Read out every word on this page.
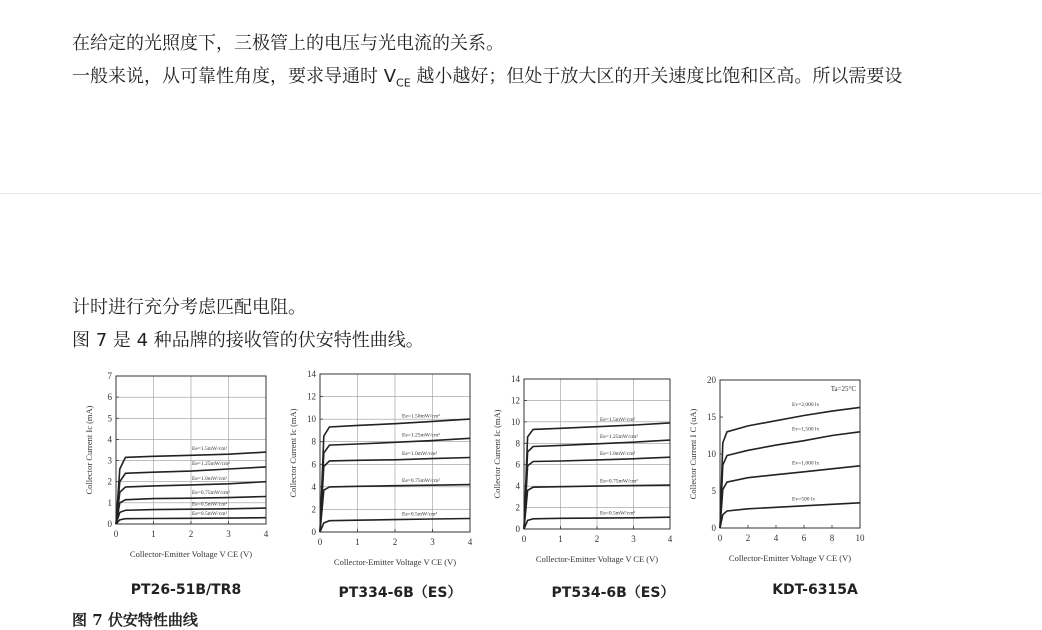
在给定的光照度下，三极管上的电压与光电流的关系。
一般来说，从可靠性角度，要求导通时 $V_{CE}$ 越小越好；但处于放大区的开关速度比饱和区高。所以需要设
计时进行充分考虑匹配电阻。
图 7 是 4 种品牌的接收管的伏安特性曲线。
0
1
2
3
4
5
6
7
0	1	2	3	4
Collector-Emitter Voltage V CE (V)
Collector Current Ic (mA)	Ee=1.5mW/cm²
Ee=1.25mW/cm²
Ee=1.0mW/cm²
Ee=0.75mW/cm²
Ee=0.5mW/cm²
Ee=0.5mW/cm²
0
2
4
6
8
10
12
14
0	1	2	3	4
Collector-Emitter Voltage V CE (V)
Collector Current Ic (mA)	Ee=1.50mW/cm²
Ee=1.25mW/cm²
Ee=1.0mW/cm²
Ee=0.75mW/cm²
Ee=0.5mW/cm²
0
2
4
6
8
10
12
14
0	1	2	3	4
Collector-Emitter Voltage V CE (V)
Collector Current Ic (mA)	Ee=1.5mW/cm²
Ee=1.25mW/cm²
Ee=1.0mW/cm²
Ee=0.75mW/cm²
Ee=0.5mW/cm²
0
5
10
15
20
0	2	4	6	8 10
Collector-Emitter Voltage V CE (V)
Collector Current I C (uA)
Ta=25°C
Ev=2,000 lx
Ev=1,500 lx
Ev=1,000 lx
Ev=500 lx
PT26-51B/TR8	PT334-6B（ES）	PT534-6B（ES）	KDT-6315A
图 7 伏安特性曲线
